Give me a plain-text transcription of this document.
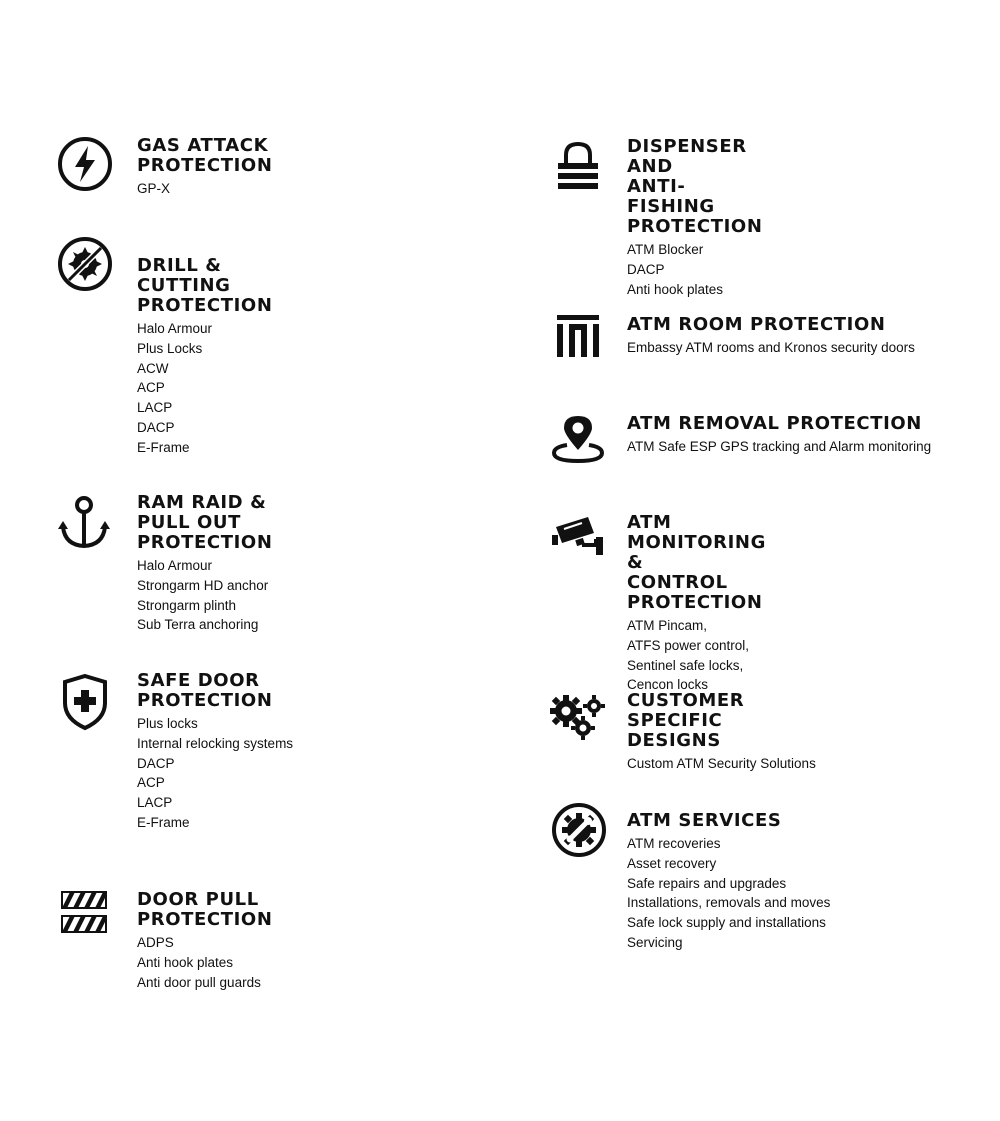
GAS ATTACK
PROTECTION
GP-X
DRILL & CUTTING
PROTECTION
Halo Armour
Plus Locks
ACW
ACP
LACP
DACP
E-Frame
RAM RAID & PULL OUT
PROTECTION
Halo Armour
Strongarm HD anchor
Strongarm plinth
Sub Terra anchoring
SAFE DOOR
PROTECTION
Plus locks
Internal relocking systems
DACP
ACP
LACP
E-Frame
DOOR PULL
PROTECTION
ADPS
Anti hook plates
Anti door pull guards
DISPENSER AND
ANTI-FISHING
PROTECTION
ATM Blocker
DACP
Anti hook plates
ATM ROOM PROTECTION
Embassy ATM rooms and Kronos security doors
ATM REMOVAL PROTECTION
ATM Safe ESP GPS tracking and Alarm monitoring
ATM MONITORING &
CONTROL PROTECTION
ATM Pincam,
ATFS power control,
Sentinel safe locks,
Cencon locks
CUSTOMER SPECIFIC
DESIGNS
Custom ATM Security Solutions
ATM SERVICES
ATM recoveries
Asset recovery
Safe repairs and upgrades
Installations, removals and moves
Safe lock supply and installations
Servicing
